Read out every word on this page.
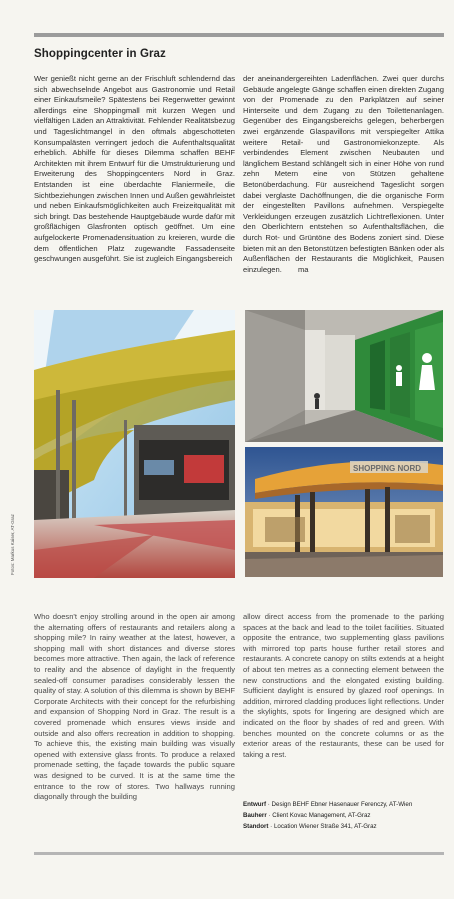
Shoppingcenter in Graz
Wer genießt nicht gerne an der Frischluft schlendernd das sich abwechselnde Angebot aus Gastronomie und Retail einer Einkaufsmeile? Spätestens bei Regenwetter gewinnt allerdings eine Shoppingmall mit kurzen Wegen und vielfältigen Läden an Attraktivität. Fehlender Realitätsbezug und Tageslichtmangel in den oftmals abgeschotteten Konsumpalästen verringert jedoch die Aufenthaltsqualität erheblich. Abhilfe für dieses Dilemma schaffen BEHF Architekten mit ihrem Entwurf für die Umstrukturierung und Erweiterung des Shoppingcenters Nord in Graz. Entstanden ist eine überdachte Flaniermeile, die Sichtbeziehungen zwischen Innen und Außen gewährleistet und neben Einkaufsmöglichkeiten auch Freizeitqualität mit sich bringt. Das bestehende Hauptgebäude wurde dafür mit großflächigen Glasfronten optisch geöffnet. Um eine aufgelockerte Promenadensituation zu kreieren, wurde die dem öffentlichen Platz zugewandte Fassadenseite geschwungen ausgeführt. Sie ist zugleich Eingangsbereich
der aneinandergereihten Ladenflächen. Zwei quer durchs Gebäude angelegte Gänge schaffen einen direkten Zugang von der Promenade zu den Parkplätzen auf seiner Hinterseite und dem Zugang zu den Toilettenanlagen. Gegenüber des Eingangsbereichs gelegen, beherbergen zwei ergänzende Glaspavillons mit verspiegelter Attika weitere Retail- und Gastronomiekonzepte. Als verbindendes Element zwischen Neubauten und länglichem Bestand schlängelt sich in einer Höhe von rund zehn Metern eine von Stützen gehaltene Betonüberdachung. Für ausreichend Tageslicht sorgen dabei verglaste Dachöffnungen, die die organische Form der eingestellten Pavillons aufnehmen. Verspiegelte Verkleidungen erzeugen zusätzlich Lichtreflexionen. Unter den Oberlichtern entstehen so Aufenthaltsflächen, die durch Rot- und Grüntöne des Bodens zoniert sind. Diese bieten mit an den Betonstützen befestigten Bänken oder als Außenflächen der Restaurants die Möglichkeit, Pausen einzulegen. ma
Fotos: Markus Kaiser, AT-Graz
SHOPPING NORD
Who doesn't enjoy strolling around in the open air among the alternating offers of restaurants and retailers along a shopping mile? In rainy weather at the latest, however, a shopping mall with short distances and diverse stores becomes more attractive. Then again, the lack of reference to reality and the absence of daylight in the frequently sealed-off consumer paradises considerably lessen the quality of stay. A solution of this dilemma is shown by BEHF Corporate Architects with their concept for the refurbishing and expansion of Shopping Nord in Graz. The result is a covered promenade which ensures views inside and outside and also offers recreation in addition to shopping. To achieve this, the existing main building was visually opened with extensive glass fronts. To produce a relaxed promenade setting, the façade towards the public square was designed to be curved. It is at the same time the entrance to the row of stores. Two hallways running diagonally through the building
allow direct access from the promenade to the parking spaces at the back and lead to the toilet facilities. Situated opposite the entrance, two supplementing glass pavilions with mirrored top parts house further retail stores and restaurants. A concrete canopy on stilts extends at a height of about ten metres as a connecting element between the new constructions and the elongated existing building. Sufficient daylight is ensured by glazed roof openings. In addition, mirrored cladding produces light reflections. Under the skylights, spots for lingering are designed which are indicated on the floor by shades of red and green. With benches mounted on the concrete columns or as the exterior areas of the restaurants, these can be used for taking a rest.
Entwurf · Design BEHF Ebner Hasenauer Ferenczy, AT-Wien
Bauherr · Client Kovac Management, AT-Graz
Standort · Location Wiener Straße 341, AT-Graz
